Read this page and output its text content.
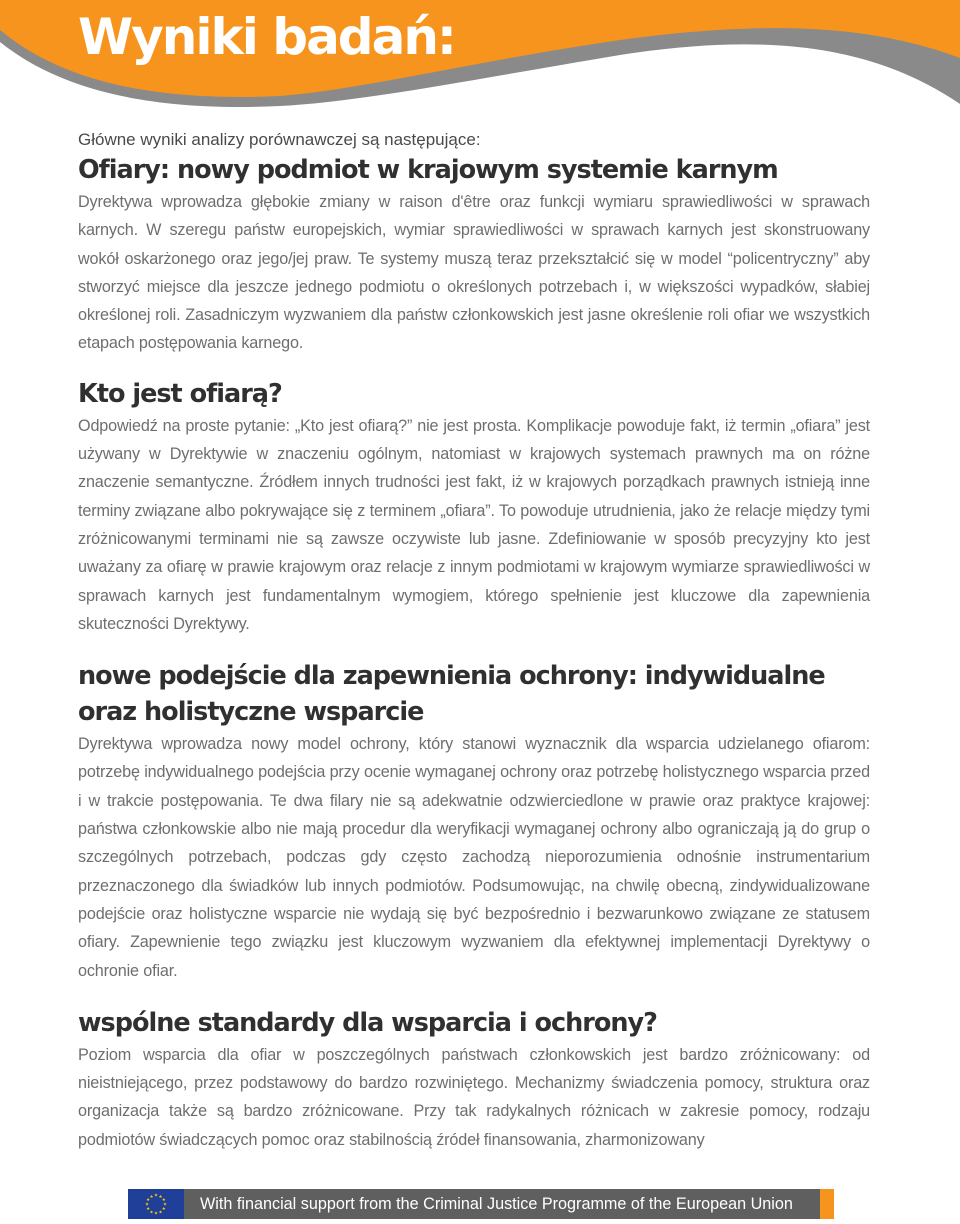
Wyniki badań:

Główne wyniki analizy porównawczej są następujące:

Ofiary: nowy podmiot w krajowym systemie karnym

Dyrektywa wprowadza głębokie zmiany w raison d'être oraz funkcji wymiaru sprawiedliwości w sprawach karnych. W szeregu państw europejskich, wymiar sprawiedliwości w sprawach karnych jest skonstruowany wokół oskarżonego oraz jego/jej praw. Te systemy muszą teraz przekształcić się w model “policentryczny” aby stworzyć miejsce dla jeszcze jednego podmiotu o określonych potrzebach i, w większości wypadków, słabiej określonej roli. Zasadniczym wyzwaniem dla państw członkowskich jest jasne określenie roli ofiar we wszystkich etapach postępowania karnego.

Kto jest ofiarą?

Odpowiedź na proste pytanie: „Kto jest ofiarą?” nie jest prosta. Komplikacje powoduje fakt, iż termin „ofiara” jest używany w Dyrektywie w znaczeniu ogólnym, natomiast w krajowych systemach prawnych ma on różne znaczenie semantyczne. Źródłem innych trudności jest fakt, iż w krajowych porządkach prawnych istnieją inne terminy związane albo pokrywające się z terminem „ofiara”. To powoduje utrudnienia, jako że relacje między tymi zróżnicowanymi terminami nie są zawsze oczywiste lub jasne. Zdefiniowanie w sposób precyzyjny kto jest uważany za ofiarę w prawie krajowym oraz relacje z innym podmiotami w krajowym wymiarze sprawiedliwości w sprawach karnych jest fundamentalnym wymogiem, którego spełnienie jest kluczowe dla zapewnienia skuteczności Dyrektywy.

nowe podejście dla zapewnienia ochrony: indywidualne oraz holistyczne wsparcie

Dyrektywa wprowadza nowy model ochrony, który stanowi wyznacznik dla wsparcia udzielanego ofiarom: potrzebę indywidualnego podejścia przy ocenie wymaganej ochrony oraz potrzebę holistycznego wsparcia przed i w trakcie postępowania. Te dwa filary nie są adekwatnie odzwierciedlone w prawie oraz praktyce krajowej: państwa członkowskie albo nie mają procedur dla weryfikacji wymaganej ochrony albo ograniczają ją do grup o szczególnych potrzebach, podczas gdy często zachodzą nieporozumienia odnośnie instrumentarium przeznaczonego dla świadków lub innych podmiotów. Podsumowując, na chwilę obecną, zindywidualizowane podejście oraz holistyczne wsparcie nie wydają się być bezpośrednio i bezwarunkowo związane ze statusem ofiary. Zapewnienie tego związku jest kluczowym wyzwaniem dla efektywnej implementacji Dyrektywy o ochronie ofiar.

wspólne standardy dla wsparcia i ochrony?

Poziom wsparcia dla ofiar w poszczególnych państwach członkowskich jest bardzo zróżnicowany: od nieistniejącego, przez podstawowy do bardzo rozwiniętego. Mechanizmy świadczenia pomocy, struktura oraz organizacja także są bardzo zróżnicowane. Przy tak radykalnych różnicach w zakresie pomocy, rodzaju podmiotów świadczących pomoc oraz stabilnością źródeł finansowania, zharmonizowany

★ ★
★
★
★
★
★
★
★
★
★
★	With financial support from the Criminal Justice Programme of the European Union
